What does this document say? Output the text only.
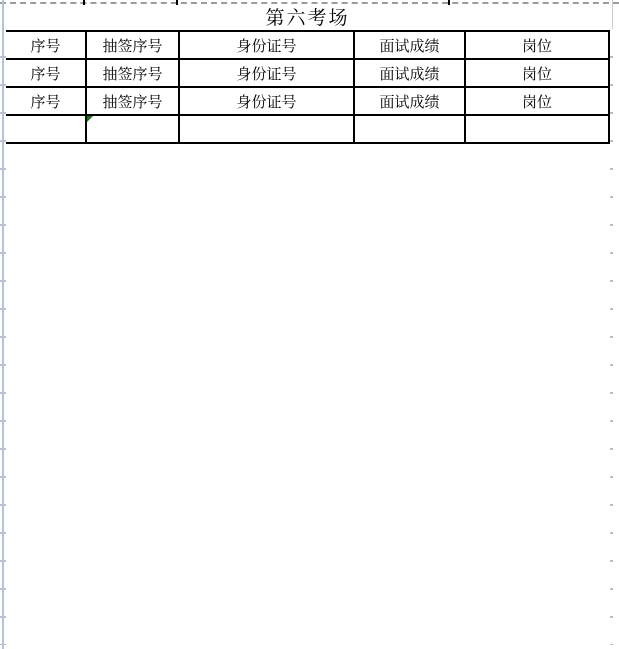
第六考场				
序号	抽签序号	身份证号	面试成绩	岗位

序号	抽签序号	身份证号	面试成绩	岗位

序号	抽签序号	身份证号	面试成绩	岗位
